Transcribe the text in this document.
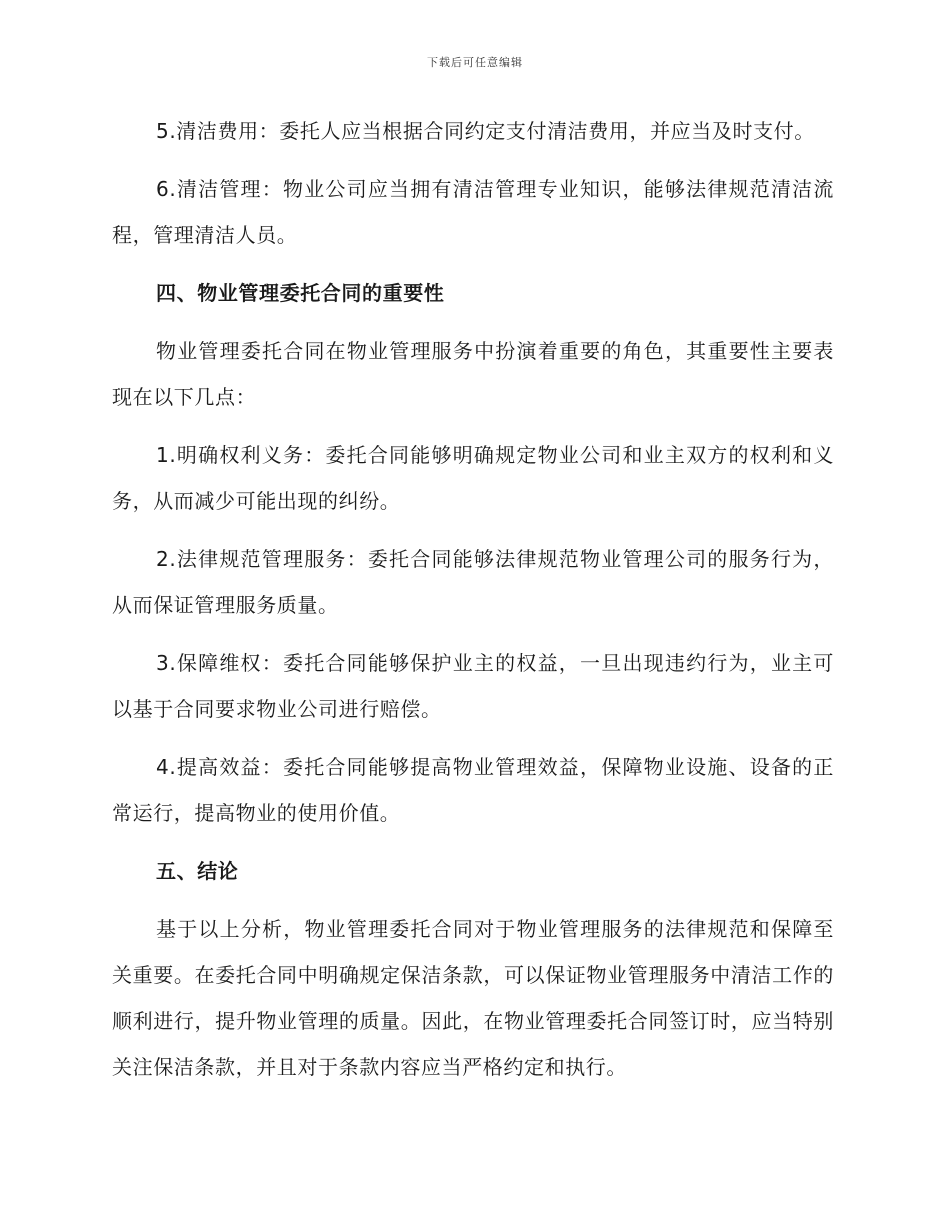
下载后可任意编辑

5.清洁费用：委托人应当根据合同约定支付清洁费用，并应当及时支付。

6.清洁管理：物业公司应当拥有清洁管理专业知识，能够法律规范清洁流程，管理清洁人员。

四、物业管理委托合同的重要性

物业管理委托合同在物业管理服务中扮演着重要的角色，其重要性主要表现在以下几点：

1.明确权利义务：委托合同能够明确规定物业公司和业主双方的权利和义务，从而减少可能出现的纠纷。

2.法律规范管理服务：委托合同能够法律规范物业管理公司的服务行为，从而保证管理服务质量。

3.保障维权：委托合同能够保护业主的权益，一旦出现违约行为，业主可以基于合同要求物业公司进行赔偿。

4.提高效益：委托合同能够提高物业管理效益，保障物业设施、设备的正常运行，提高物业的使用价值。

五、结论

基于以上分析，物业管理委托合同对于物业管理服务的法律规范和保障至关重要。在委托合同中明确规定保洁条款，可以保证物业管理服务中清洁工作的顺利进行，提升物业管理的质量。因此，在物业管理委托合同签订时，应当特别关注保洁条款，并且对于条款内容应当严格约定和执行。
